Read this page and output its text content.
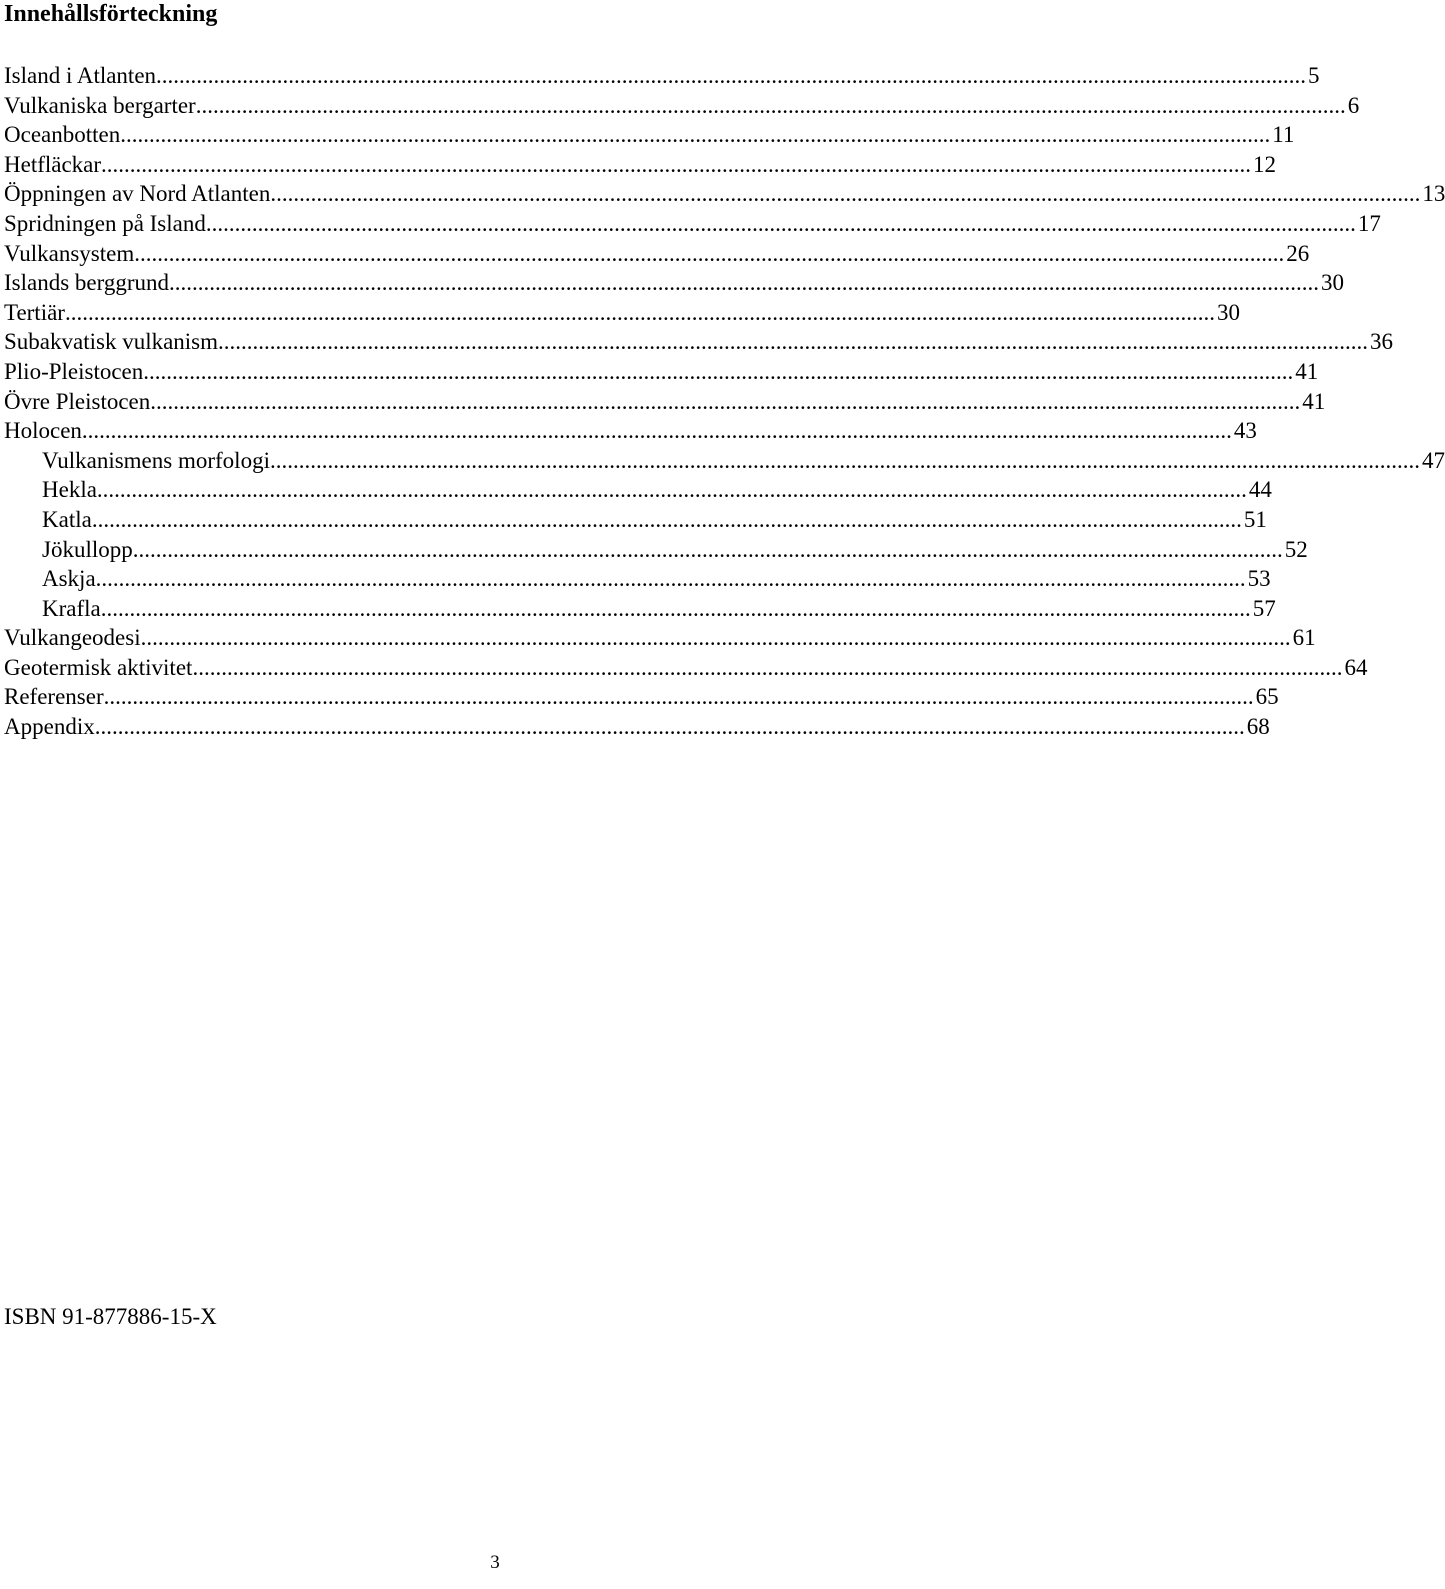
Innehållsförteckning
Island i Atlanten ........................................................................................................................................................................................................ 5
Vulkaniska bergarter ........................................................................................................................................................................................................ 6
Oceanbotten ........................................................................................................................................................................................................ 11
Hetfläckar ........................................................................................................................................................................................................ 12
Öppningen av Nord Atlanten ........................................................................................................................................................................................................ 13
Spridningen på Island ........................................................................................................................................................................................................ 17
Vulkansystem ........................................................................................................................................................................................................ 26
Islands berggrund ........................................................................................................................................................................................................ 30
Tertiär ........................................................................................................................................................................................................ 30
Subakvatisk vulkanism ........................................................................................................................................................................................................ 36
Plio-Pleistocen ........................................................................................................................................................................................................ 41
Övre Pleistocen ........................................................................................................................................................................................................ 41
Holocen ........................................................................................................................................................................................................ 43
Vulkanismens morfologi ........................................................................................................................................................................................................ 47
Hekla ........................................................................................................................................................................................................ 44
Katla ........................................................................................................................................................................................................ 51
Jökullopp ........................................................................................................................................................................................................ 52
Askja ........................................................................................................................................................................................................ 53
Krafla ........................................................................................................................................................................................................ 57
Vulkangeodesi ........................................................................................................................................................................................................ 61
Geotermisk aktivitet ........................................................................................................................................................................................................ 64
Referenser ........................................................................................................................................................................................................ 65
Appendix ........................................................................................................................................................................................................ 68

ISBN 91-877886-15-X

3
